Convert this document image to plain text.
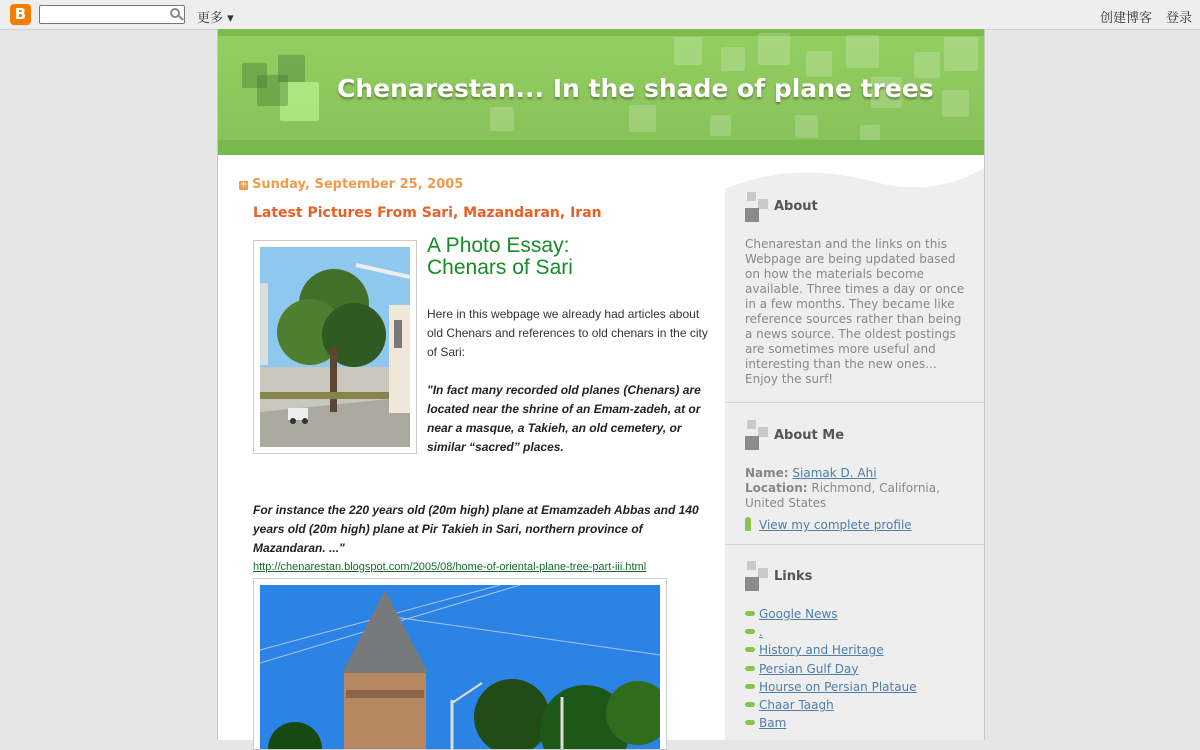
B	更多 ▾	创建博客 登录
Chenarestan... In the shade of plane trees
+ Sunday, September 25, 2005
Latest Pictures From Sari, Mazandaran, Iran
A Photo Essay:
Chenars of Sari
Here in this webpage we already had articles about old Chenars and references to old chenars in the city of Sari:
"In fact many recorded old planes (Chenars) are located near the shrine of an Emam-zadeh, at or near a masque, a Takieh, an old cemetery, or similar “sacred” places.
For instance the 220 years old (20m high) plane at Emamzadeh Abbas and 140 years old (20m high) plane at Pir Takieh in Sari, northern province of Mazandaran. ..."
http://chenarestan.blogspot.com/2005/08/home-of-oriental-plane-tree-part-iii.html
About
Chenarestan and the links on this Webpage are being updated based on how the materials become available. Three times a day or once in a few months. They became like reference sources rather than being a news source. The oldest postings are sometimes more useful and interesting than the new ones... Enjoy the surf!
About Me
Name: Siamak D. Ahi
Location: Richmond, California, United States
View my complete profile
Links
Google News
.
History and Heritage
Persian Gulf Day
Hourse on Persian Plataue
Chaar Taagh
Bam
